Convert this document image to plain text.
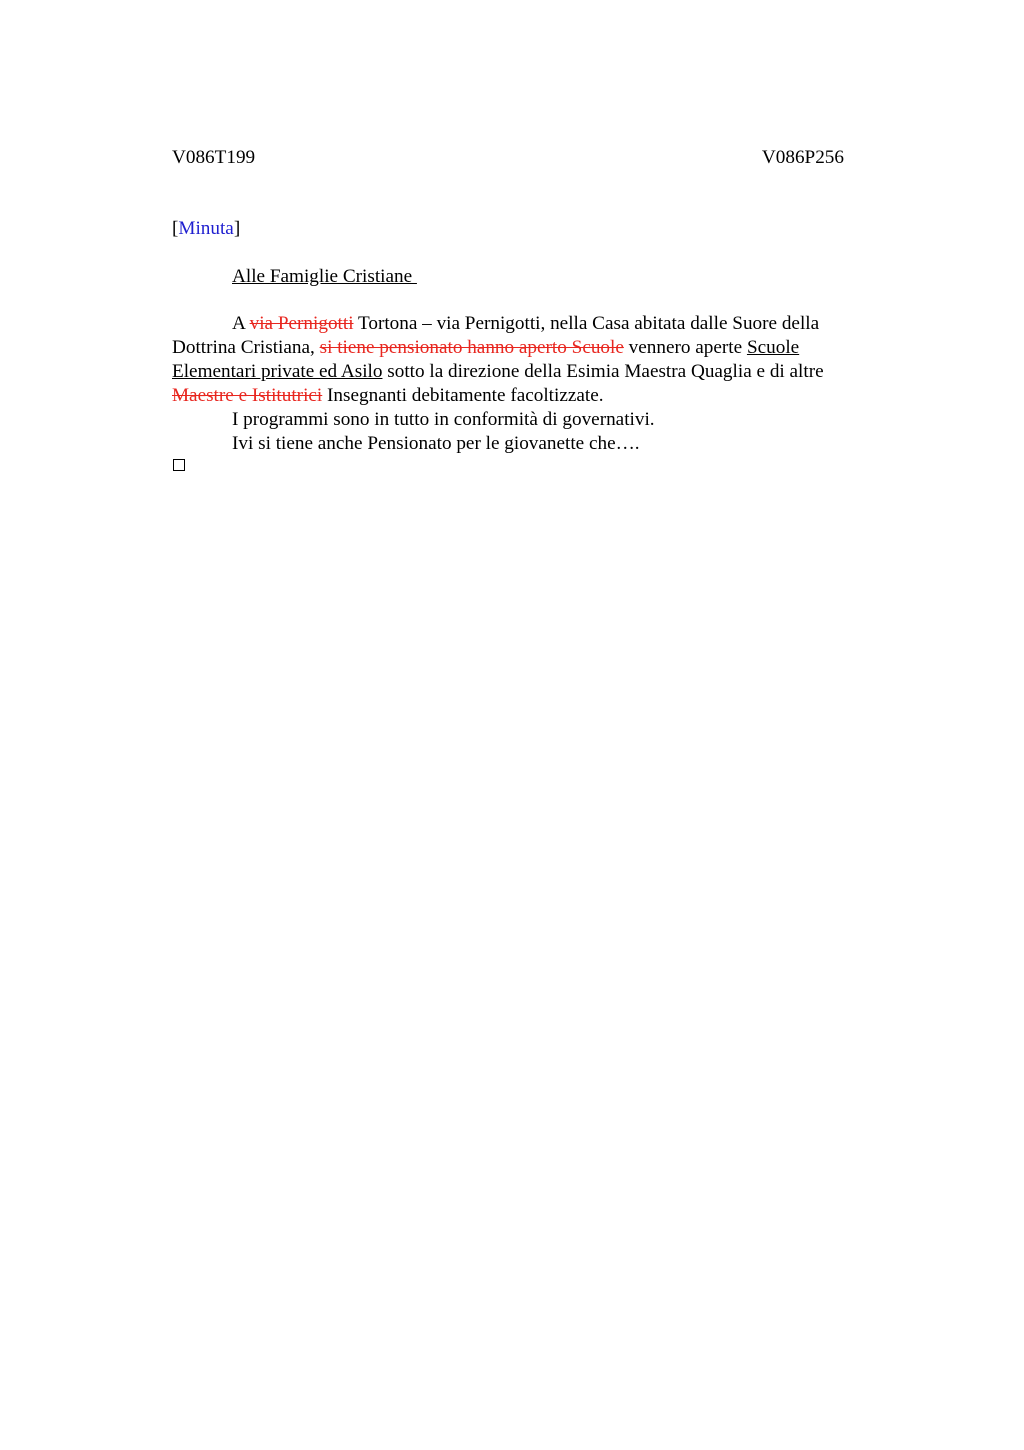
V086T199	V086P256
[Minuta]
Alle Famiglie Cristiane

A via Pernigotti Tortona – via Pernigotti, nella Casa abitata dalle Suore della Dottrina Cristiana, si tiene pensionato hanno aperto Scuole vennero aperte Scuole Elementari private ed Asilo sotto la direzione della Esimia Maestra Quaglia e di altre Maestre e Istitutrici Insegnanti debitamente facoltizzate.

I programmi sono in tutto in conformità di governativi.

Ivi si tiene anche Pensionato per le giovanette che….
